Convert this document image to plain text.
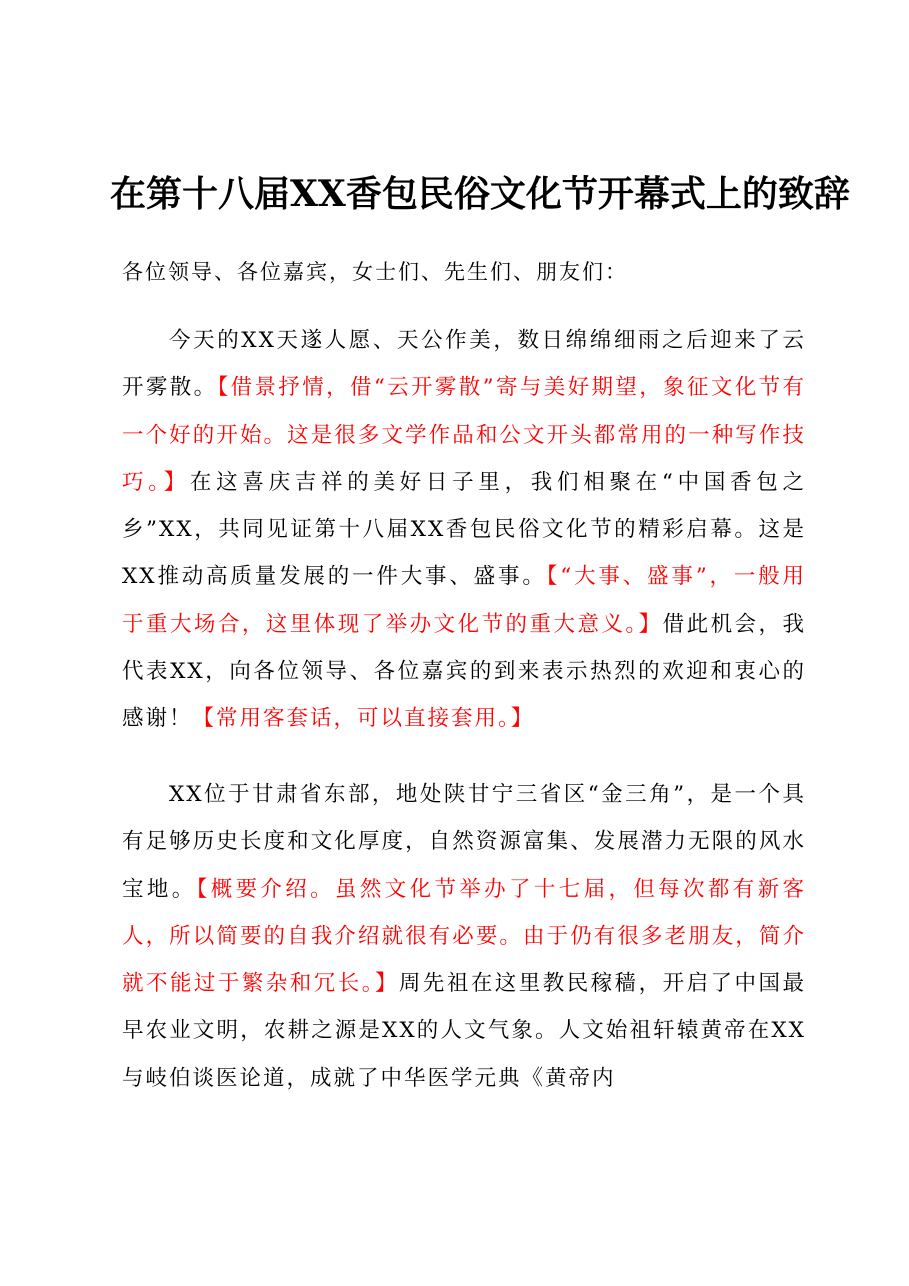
在第十八届XX香包民俗文化节开幕式上的致辞
各位领导、各位嘉宾，女士们、先生们、朋友们：

今天的XX天遂人愿、天公作美，数日绵绵细雨之后迎来了云开雾散。【借景抒情，借“云开雾散”寄与美好期望，象征文化节有一个好的开始。这是很多文学作品和公文开头都常用的一种写作技巧。】在这喜庆吉祥的美好日子里，我们相聚在“中国香包之乡”XX，共同见证第十八届XX香包民俗文化节的精彩启幕。这是XX推动高质量发展的一件大事、盛事。【“大事、盛事”，一般用于重大场合，这里体现了举办文化节的重大意义。】借此机会，我代表XX，向各位领导、各位嘉宾的到来表示热烈的欢迎和衷心的感谢！【常用客套话，可以直接套用。】

XX位于甘肃省东部，地处陕甘宁三省区“金三角”，是一个具有足够历史长度和文化厚度，自然资源富集、发展潜力无限的风水宝地。【概要介绍。虽然文化节举办了十七届，但每次都有新客人，所以简要的自我介绍就很有必要。由于仍有很多老朋友，简介就不能过于繁杂和冗长。】周先祖在这里教民稼穑，开启了中国最早农业文明，农耕之源是XX的人文气象。人文始祖轩辕黄帝在XX与岐伯谈医论道，成就了中华医学元典《黄帝内
